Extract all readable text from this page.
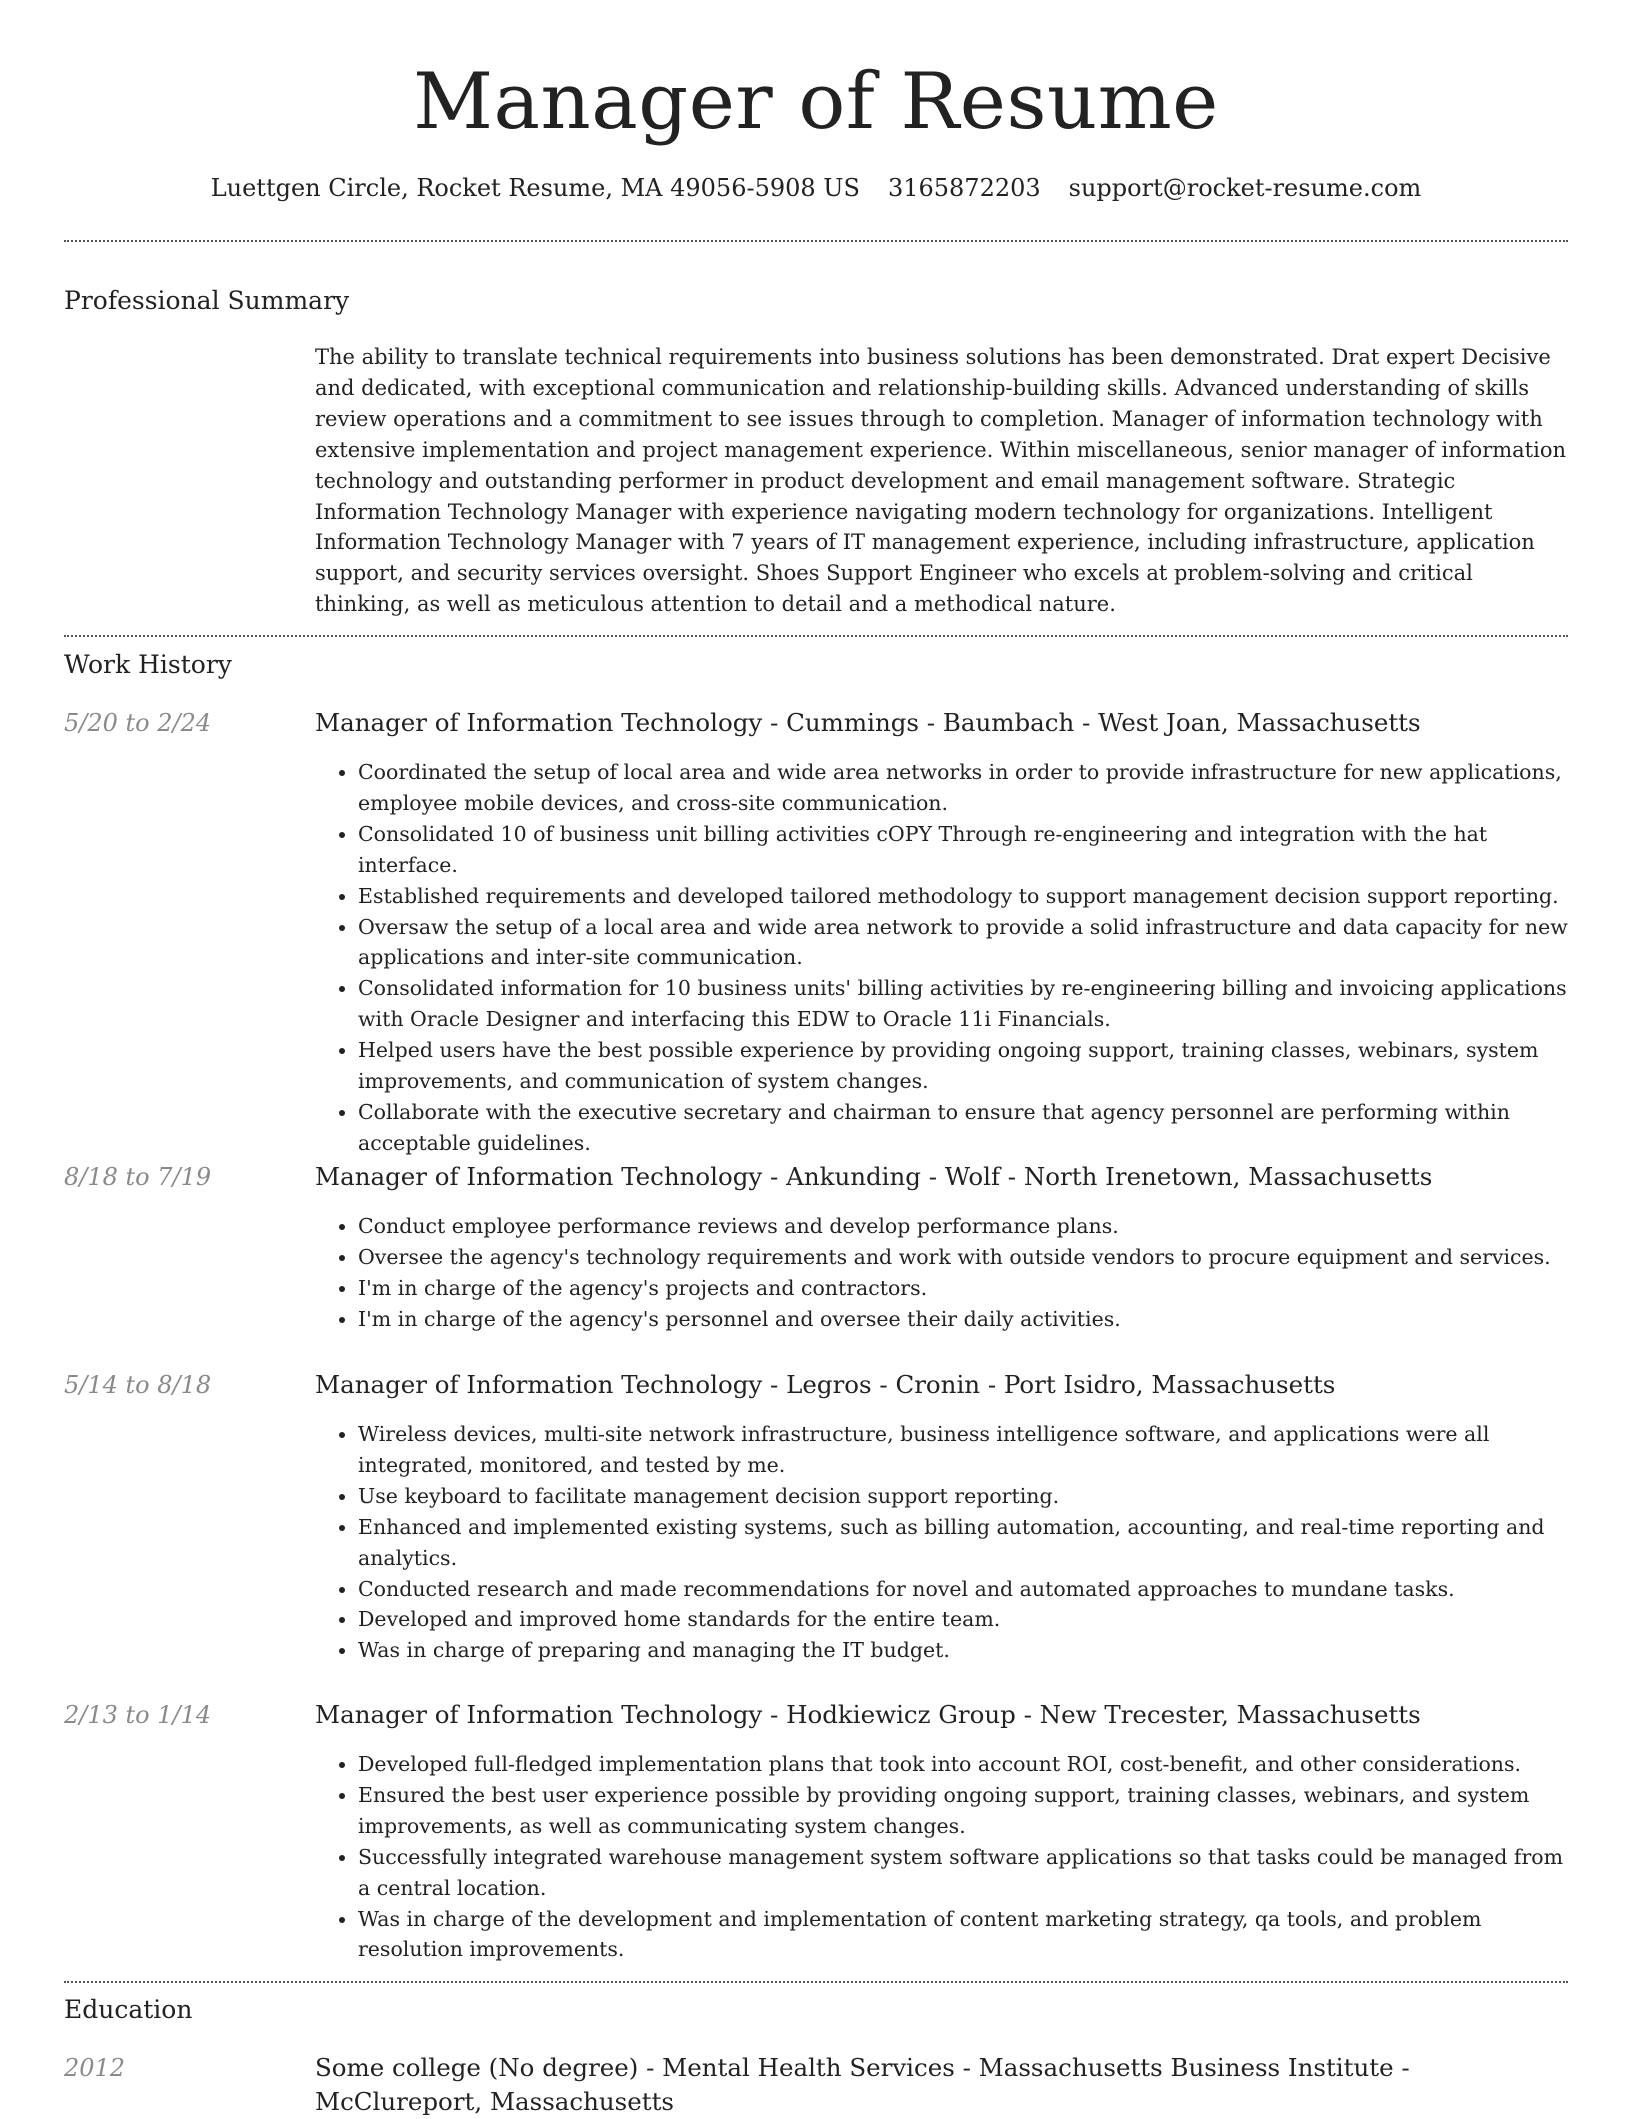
Manager of Resume
Luettgen Circle, Rocket Resume, MA 49056-5908 US 3165872203 support@rocket-resume.com
Professional Summary

The ability to translate technical requirements into business solutions has been demonstrated. Drat expert Decisive and dedicated, with exceptional communication and relationship-building skills. Advanced understanding of skills review operations and a commitment to see issues through to completion. Manager of information technology with extensive implementation and project management experience. Within miscellaneous, senior manager of information technology and outstanding performer in product development and email management software. Strategic Information Technology Manager with experience navigating modern technology for organizations. Intelligent Information Technology Manager with 7 years of IT management experience, including infrastructure, application support, and security services oversight. Shoes Support Engineer who excels at problem-solving and critical thinking, as well as meticulous attention to detail and a methodical nature.

Work History
5/20 to 2/24	Manager of Information Technology - Cummings - Baumbach - West Joan, Massachusetts
• Coordinated the setup of local area and wide area networks in order to provide infrastructure for new applications, employee mobile devices, and cross-site communication.
• Consolidated 10 of business unit billing activities cOPY Through re-engineering and integration with the hat interface.
• Established requirements and developed tailored methodology to support management decision support reporting.
• Oversaw the setup of a local area and wide area network to provide a solid infrastructure and data capacity for new applications and inter-site communication.
• Consolidated information for 10 business units' billing activities by re-engineering billing and invoicing applications with Oracle Designer and interfacing this EDW to Oracle 11i Financials.
• Helped users have the best possible experience by providing ongoing support, training classes, webinars, system improvements, and communication of system changes.
• Collaborate with the executive secretary and chairman to ensure that agency personnel are performing within acceptable guidelines.
8/18 to 7/19	Manager of Information Technology - Ankunding - Wolf - North Irenetown, Massachusetts
• Conduct employee performance reviews and develop performance plans.
• Oversee the agency's technology requirements and work with outside vendors to procure equipment and services.
• I'm in charge of the agency's projects and contractors.
• I'm in charge of the agency's personnel and oversee their daily activities.
5/14 to 8/18	Manager of Information Technology - Legros - Cronin - Port Isidro, Massachusetts
• Wireless devices, multi-site network infrastructure, business intelligence software, and applications were all integrated, monitored, and tested by me.
• Use keyboard to facilitate management decision support reporting.
• Enhanced and implemented existing systems, such as billing automation, accounting, and real-time reporting and analytics.
• Conducted research and made recommendations for novel and automated approaches to mundane tasks.
• Developed and improved home standards for the entire team.
• Was in charge of preparing and managing the IT budget.
2/13 to 1/14	Manager of Information Technology - Hodkiewicz Group - New Trecester, Massachusetts
• Developed full-fledged implementation plans that took into account ROI, cost-benefit, and other considerations.
• Ensured the best user experience possible by providing ongoing support, training classes, webinars, and system improvements, as well as communicating system changes.
• Successfully integrated warehouse management system software applications so that tasks could be managed from a central location.
• Was in charge of the development and implementation of content marketing strategy, qa tools, and problem resolution improvements.
Education
2012	Some college (No degree) - Mental Health Services - Massachusetts Business Institute - McClureport, Massachusetts
